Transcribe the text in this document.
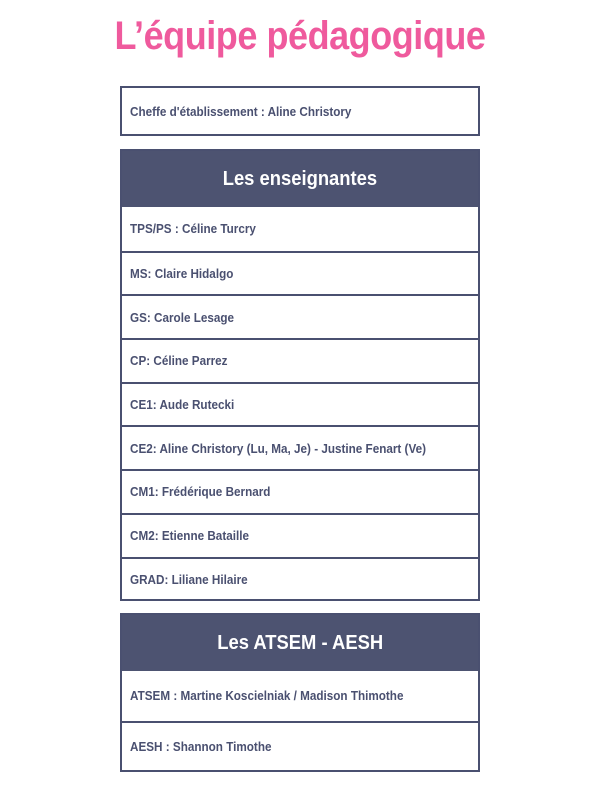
L’équipe pédagogique
Cheffe d'établissement : Aline Christory
Les enseignantes
TPS/PS : Céline Turcry
MS: Claire Hidalgo
GS: Carole Lesage
CP: Céline Parrez
CE1: Aude Rutecki
CE2: Aline Christory (Lu, Ma, Je) - Justine Fenart (Ve)
CM1: Frédérique Bernard
CM2: Etienne Bataille
GRAD: Liliane Hilaire
Les ATSEM - AESH
ATSEM : Martine Koscielniak / Madison Thimothe
AESH : Shannon Timothe
